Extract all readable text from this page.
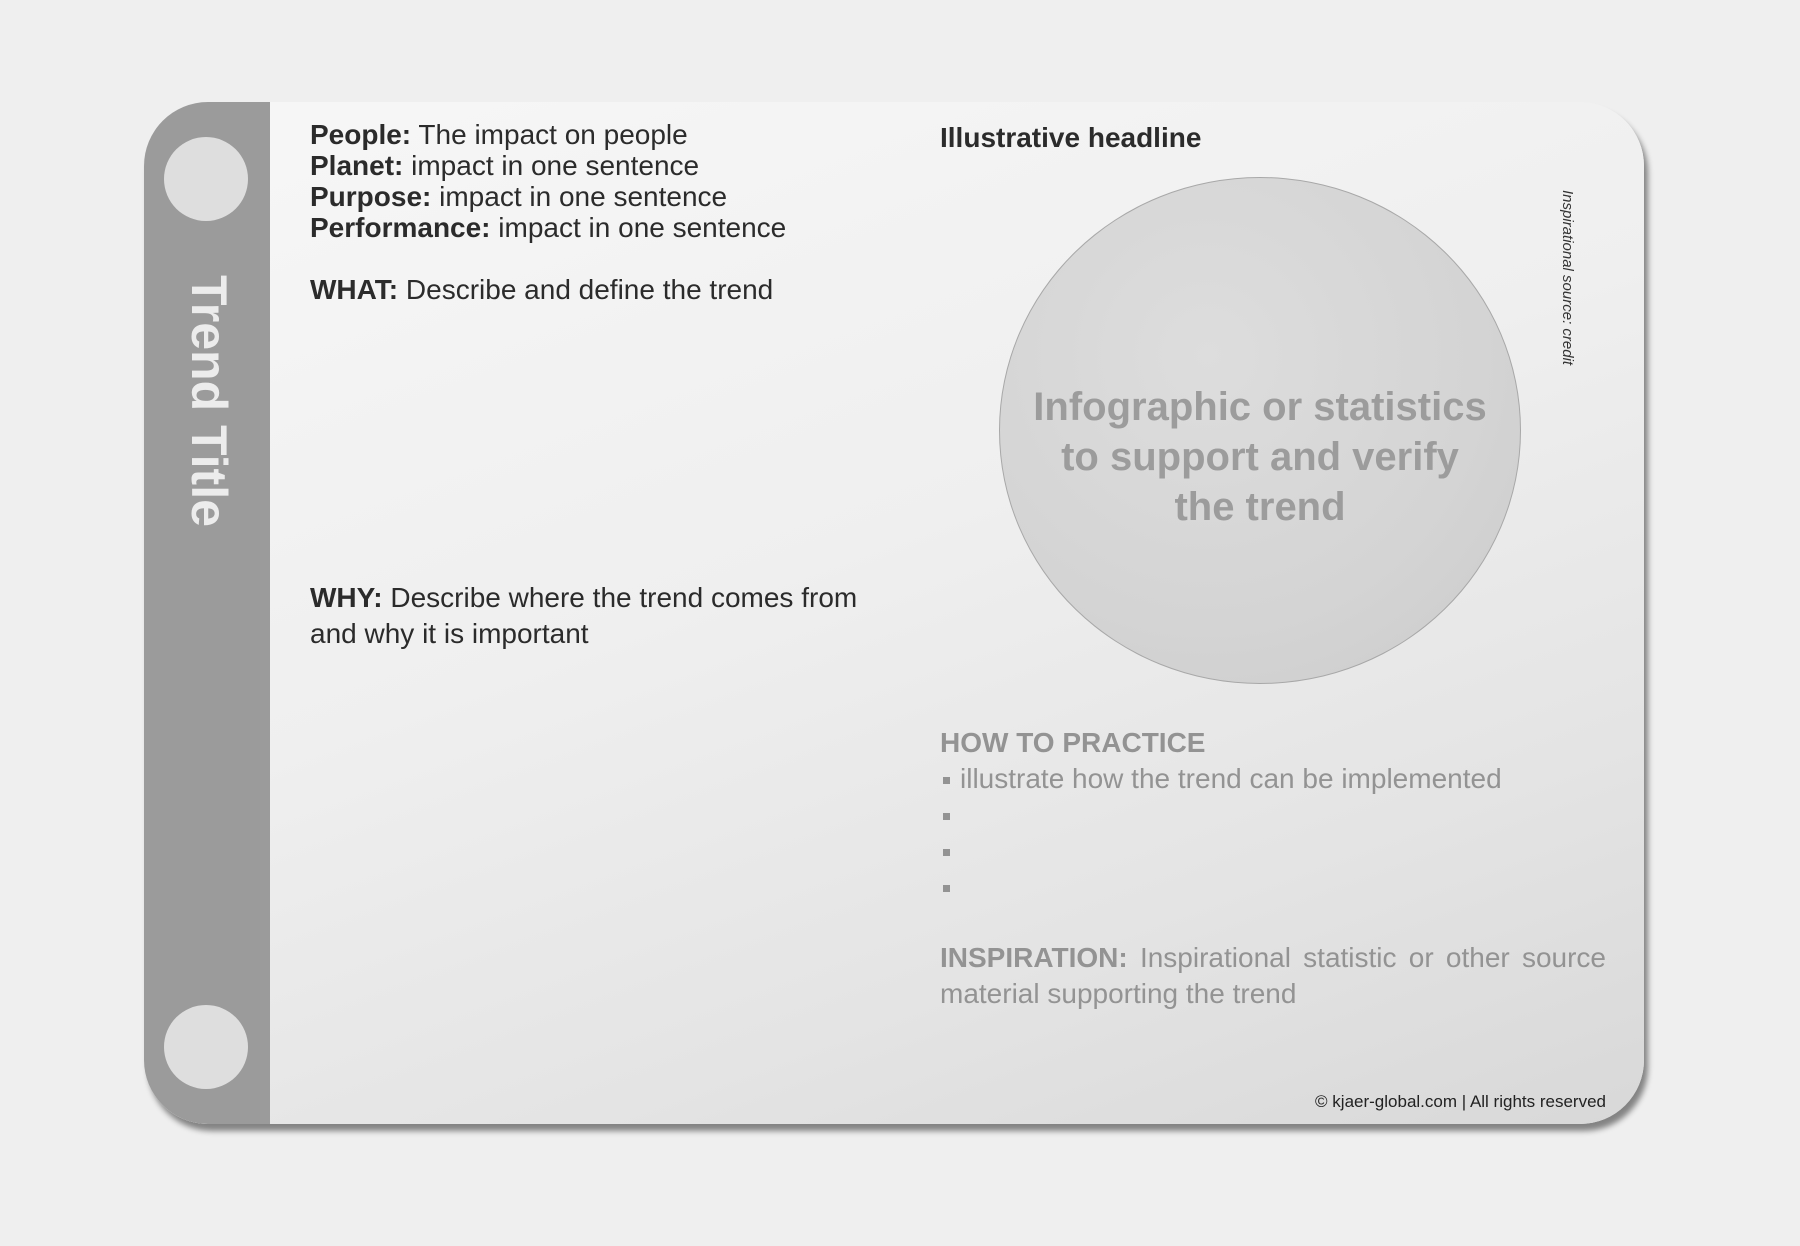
Trend Title
People: The impact on people
Planet: impact in one sentence
Purpose: impact in one sentence
Performance: impact in one sentence
WHAT: Describe and define the trend
WHY: Describe where the trend comes from
and why it is important
Illustrative headline
Infographic or statistics
to support and verify
the trend
Inspirational source: credit
HOW TO PRACTICE
illustrate how the trend can be implemented
INSPIRATION: Inspirational statistic or other source material supporting the trend
© kjaer-global.com | All rights reserved
